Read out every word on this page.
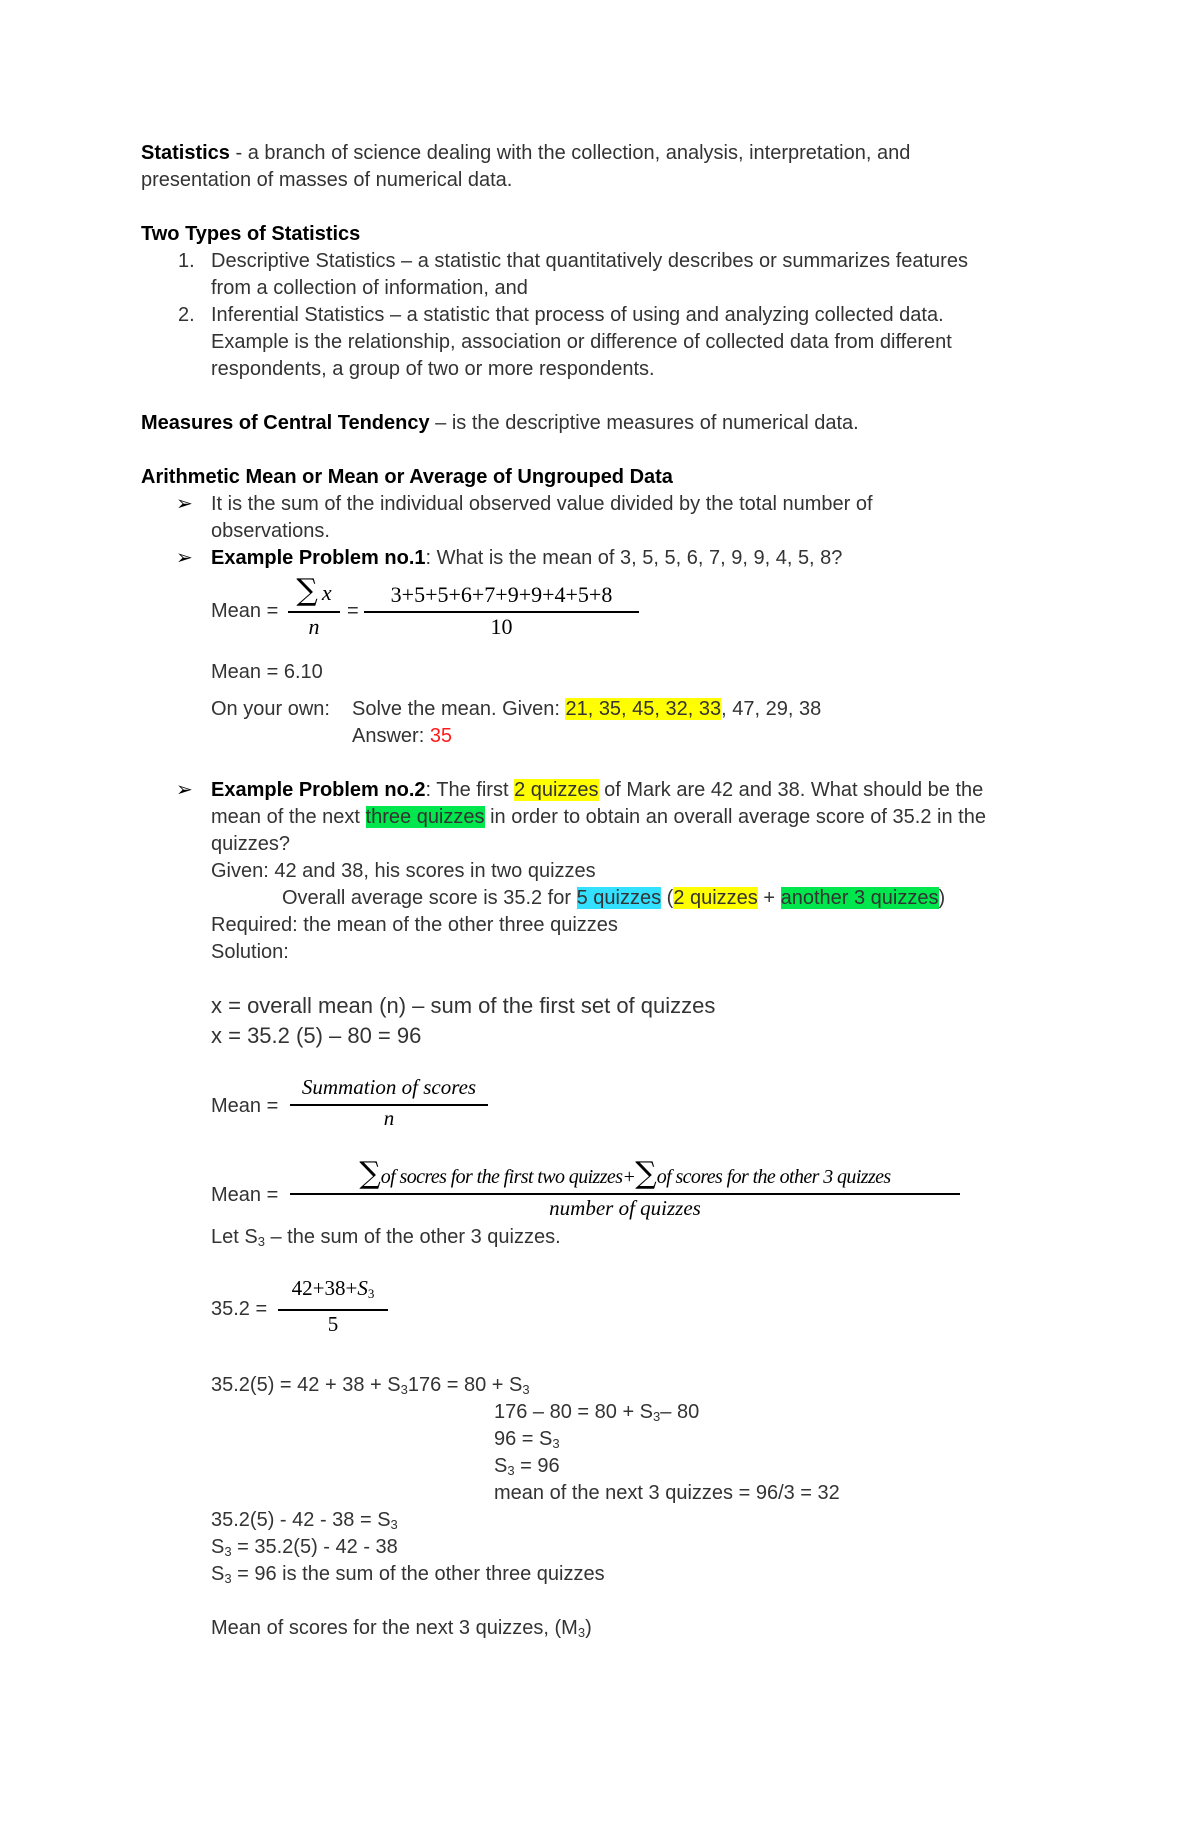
Statistics - a branch of science dealing with the collection, analysis, interpretation, and
presentation of masses of numerical data.
Two Types of Statistics
1. Descriptive Statistics – a statistic that quantitatively describes or summarizes features
from a collection of information, and
2. Inferential Statistics – a statistic that process of using and analyzing collected data.
Example is the relationship, association or difference of collected data from different
respondents, a group of two or more respondents.
Measures of Central Tendency – is the descriptive measures of numerical data.
Arithmetic Mean or Mean or Average of Ungrouped Data
➢ It is the sum of the individual observed value divided by the total number of
observations.
➢ Example Problem no.1: What is the mean of 3, 5, 5, 6, 7, 9, 9, 4, 5, 8?
Mean =
∑ x
n
=
3+5+5+6+7+9+9+4+5+8
10
Mean = 6.10
On your own: Solve the mean. Given: 21, 35, 45, 32, 33, 47, 29, 38
Answer: 35
➢ Example Problem no.2: The first 2 quizzes of Mark are 42 and 38. What should be the
mean of the next three quizzes in order to obtain an overall average score of 35.2 in the
quizzes?
Given: 42 and 38, his scores in two quizzes
Overall average score is 35.2 for 5 quizzes (2 quizzes + another 3 quizzes)
Required: the mean of the other three quizzes
Solution:
x = overall mean (n) – sum of the first set of quizzes
x = 35.2 (5) – 80 = 96
Mean =
Summation of scores
n
Mean =
∑of socres for the first two quizzes+∑of scores for the other 3 quizzes
number of quizzes
Let $S_3$ – the sum of the other 3 quizzes.
35.2 =
$42+38+S_3$
5
$35.2(5) = 42 + 38 + S_3176 = 80 + S_3$
$176 - 80 = 80 + S_3-$ 80
$96 = S_3$
$S_3 = 96$
mean of the next 3 quizzes = 96/3 = 32
$35.2(5) - 42 - 38 = S_3$
$S_3 = 35.2(5) - 42 - 38$
$S_3 = 96$ is the sum of the other three quizzes
Mean of scores for the next 3 quizzes, $(M_3)$
